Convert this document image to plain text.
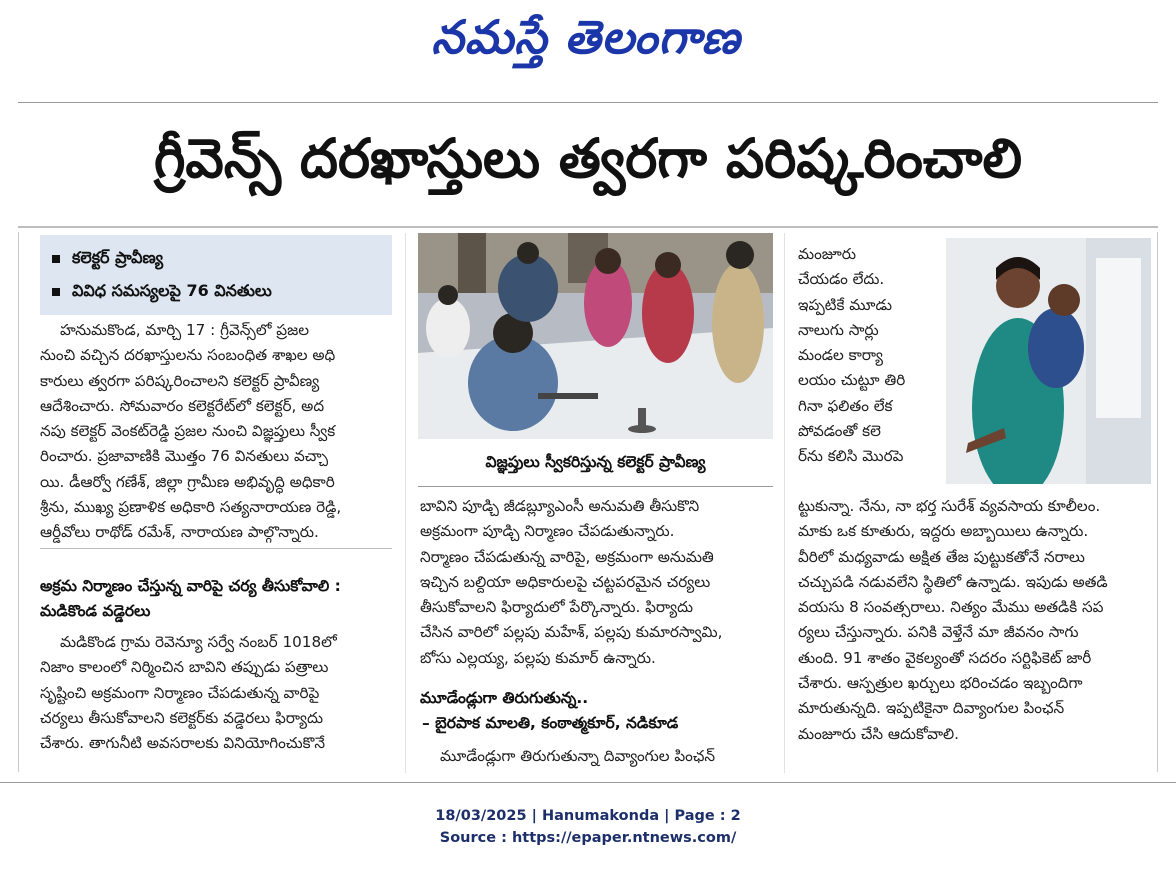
నమస్తే తెలంగాణ
గ్రీవెన్స్ దరఖాస్తులు త్వరగా పరిష్కరించాలి
కలెక్టర్ ప్రావీణ్య
వివిధ సమస్యలపై 76 వినతులు
హనుమకొండ, మార్చి 17 : గ్రీవెన్స్‌లో ప్రజల
నుంచి వచ్చిన దరఖాస్తులను సంబంధిత శాఖల అధి
కారులు త్వరగా పరిష్కరించాలని కలెక్టర్ ప్రావీణ్య
ఆదేశించారు. సోమవారం కలెక్టరేట్‌లో కలెక్టర్, అద
నపు కలెక్టర్ వెంకట్‌రెడ్డి ప్రజల నుంచి విజ్ఞప్తులు స్వీక
రించారు. ప్రజావాణికి మొత్తం 76 వినతులు వచ్చా
యి. డీఆర్వో గణేశ్, జిల్లా గ్రామీణ అభివృద్ధి అధికారి
శ్రీను, ముఖ్య ప్రణాళిక అధికారి సత్యనారాయణ రెడ్డి,
ఆర్డీవోలు రాథోడ్ రమేశ్, నారాయణ పాల్గొన్నారు.
అక్రమ నిర్మాణం చేస్తున్న వారిపై చర్య తీసుకోవాలి :
మడికొండ వడ్డెరలు
మడికొండ గ్రామ రెవెన్యూ సర్వే నంబర్ 1018లో
నిజాం కాలంలో నిర్మించిన బావిని తప్పుడు పత్రాలు
సృష్టించి అక్రమంగా నిర్మాణం చేపడుతున్న వారిపై
చర్యలు తీసుకోవాలని కలెక్టర్‌కు వడ్డెరలు ఫిర్యాదు
చేశారు. తాగునీటి అవసరాలకు వినియోగించుకొనే
విజ్ఞప్తులు స్వీకరిస్తున్న కలెక్టర్ ప్రావీణ్య
బావిని పూడ్చి జీడబ్ల్యూఎంసీ అనుమతి తీసుకొని
అక్రమంగా పూడ్చి నిర్మాణం చేపడుతున్నారు.
నిర్మాణం చేపడుతున్న వారిపై, అక్రమంగా అనుమతి
ఇచ్చిన బల్దియా అధికారులపై చట్టపరమైన చర్యలు
తీసుకోవాలని ఫిర్యాదులో పేర్కొన్నారు. ఫిర్యాదు
చేసిన వారిలో పల్లపు మహేశ్, పల్లపు కుమారస్వామి,
బోసు ఎల్లయ్య, పల్లపు కుమార్ ఉన్నారు.
మూడేండ్లుగా తిరుగుతున్న..
– బైరపాక మాలతి, కంఠాత్మకూర్, నడికూడ
మూడేండ్లుగా తిరుగుతున్నా దివ్యాంగుల పింఛన్
మంజూరు
చేయడం లేదు.
ఇప్పటికే మూడు
నాలుగు సార్లు
మండల కార్యా
లయం చుట్టూ తిరి
గినా ఫలితం లేక
పోవడంతో కలె
ర్‌ను కలిసి మొరపె
ట్టుకున్నా. నేను, నా భర్త సురేశ్ వ్యవసాయ కూలీలం.
మాకు ఒక కూతురు, ఇద్దరు అబ్బాయిలు ఉన్నారు.
వీరిలో మధ్యవాడు అక్షిత తేజ పుట్టుకతోనే నరాలు
చచ్చుపడి నడువలేని స్థితిలో ఉన్నాడు. ఇపుడు అతడి
వయసు 8 సంవత్సరాలు. నిత్యం మేము అతడికి సప
ర్యలు చేస్తున్నారు. పనికి వెళ్తేనే మా జీవనం సాగు
తుంది. 91 శాతం వైకల్యంతో సదరం సర్టిఫికెట్ జారీ
చేశారు. ఆస్పత్రుల ఖర్చులు భరించడం ఇబ్బందిగా
మారుతున్నది. ఇప్పటికైనా దివ్యాంగుల పింఛన్
మంజూరు చేసి ఆదుకోవాలి.
18/03/2025 | Hanumakonda | Page : 2
Source : https://epaper.ntnews.com/
